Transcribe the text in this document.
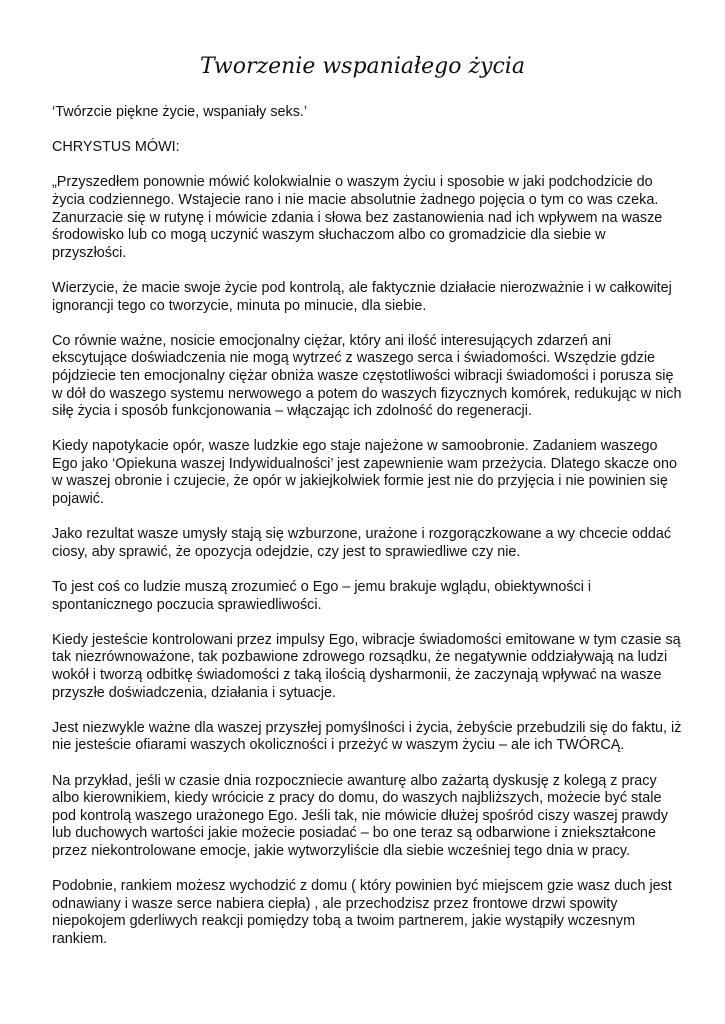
Tworzenie wspaniałego życia

‘Twórzcie piękne życie, wspaniały seks.’

CHRYSTUS MÓWI:

„Przyszedłem ponownie mówić kolokwialnie o waszym życiu i sposobie w jaki podchodzicie do życia codziennego. Wstajecie rano i nie macie absolutnie żadnego pojęcia o tym co was czeka. Zanurzacie się w rutynę i mówicie zdania i słowa bez zastanowienia nad ich wpływem na wasze środowisko lub co mogą uczynić waszym słuchaczom albo co gromadzicie dla siebie w przyszłości.

Wierzycie, że macie swoje życie pod kontrolą, ale faktycznie działacie nierozważnie i w całkowitej ignorancji tego co tworzycie, minuta po minucie, dla siebie.

Co równie ważne, nosicie emocjonalny ciężar, który ani ilość interesujących zdarzeń ani ekscytujące doświadczenia nie mogą wytrzeć z waszego serca i świadomości. Wszędzie gdzie pójdziecie ten emocjonalny ciężar obniża wasze częstotliwości wibracji świadomości i porusza się w dół do waszego systemu nerwowego a potem do waszych fizycznych komórek, redukując w nich siłę życia i sposób funkcjonowania – włączając ich zdolność do regeneracji.

Kiedy napotykacie opór, wasze ludzkie ego staje najeżone w samoobronie. Zadaniem waszego Ego jako ‘Opiekuna waszej Indywidualności’ jest zapewnienie wam przeżycia. Dlatego skacze ono w waszej obronie i czujecie, że opór w jakiejkolwiek formie jest nie do przyjęcia i nie powinien się pojawić.

Jako rezultat wasze umysły stają się wzburzone, urażone i rozgorączkowane a wy chcecie oddać ciosy, aby sprawić, że opozycja odejdzie, czy jest to sprawiedliwe czy nie.

To jest coś co ludzie muszą zrozumieć o Ego – jemu brakuje wglądu, obiektywności i spontanicznego poczucia sprawiedliwości.

Kiedy jesteście kontrolowani przez impulsy Ego, wibracje świadomości emitowane w tym czasie są tak niezrównoważone, tak pozbawione zdrowego rozsądku, że negatywnie oddziaływają na ludzi wokół i tworzą odbitkę świadomości z taką ilością dysharmonii, że zaczynają wpływać na wasze przyszłe doświadczenia, działania i sytuacje.

Jest niezwykle ważne dla waszej przyszłej pomyślności i życia, żebyście przebudzili się do faktu, iż nie jesteście ofiarami waszych okoliczności i przeżyć w waszym życiu – ale ich TWÓRCĄ.

Na przykład, jeśli w czasie dnia rozpoczniecie awanturę albo zażartą dyskusję z kolegą z pracy albo kierownikiem, kiedy wrócicie z pracy do domu, do waszych najbliższych, możecie być stale pod kontrolą waszego urażonego Ego. Jeśli tak, nie mówicie dłużej spośród ciszy waszej prawdy lub duchowych wartości jakie możecie posiadać – bo one teraz są odbarwione i zniekształcone przez niekontrolowane emocje, jakie wytworzyliście dla siebie wcześniej tego dnia w pracy.

Podobnie, rankiem możesz wychodzić z domu ( który powinien być miejscem gzie wasz duch jest odnawiany i wasze serce nabiera ciepła) , ale przechodzisz przez frontowe drzwi spowity niepokojem gderliwych reakcji pomiędzy tobą a twoim partnerem, jakie wystąpiły wczesnym rankiem.
